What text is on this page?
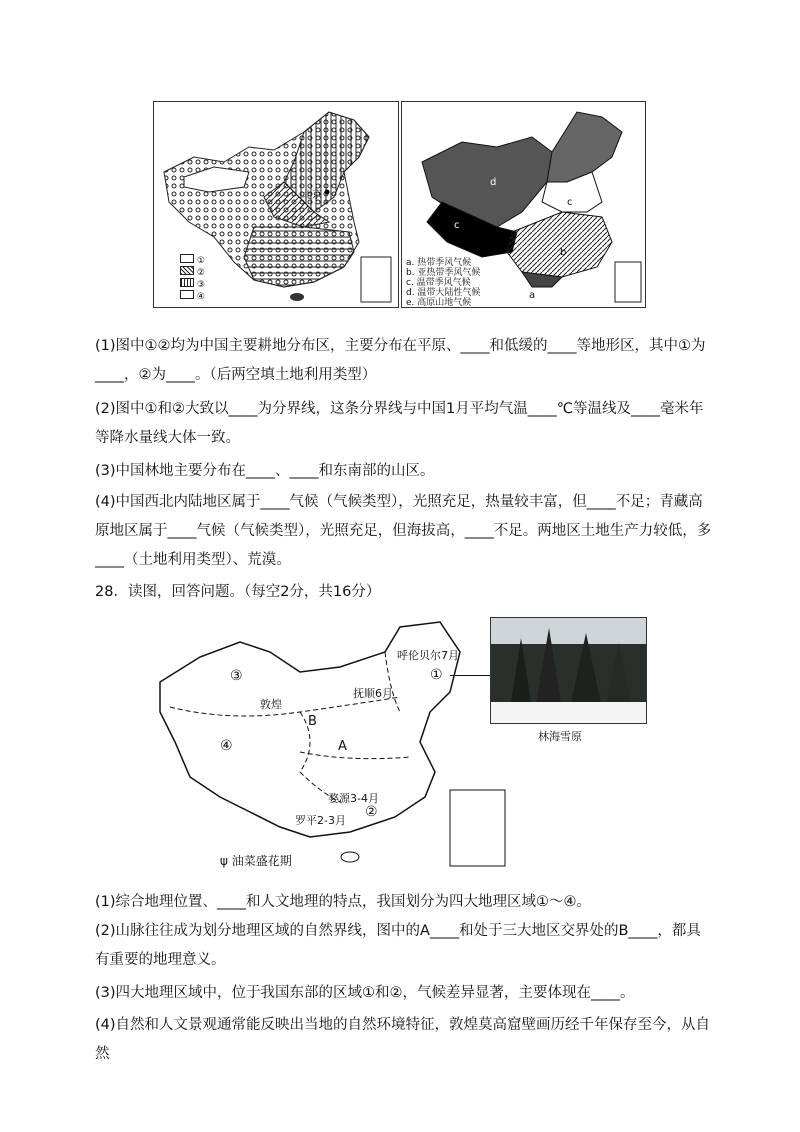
北京
①
②
③
④
d
c
c
b
a
a. 热带季风气候
b. 亚热带季风气候
c. 温带季风气候
d. 温带大陆性气候
e. 高原山地气候
(1)图中①②均为中国主要耕地分布区，主要分布在平原、____和低缓的____等地形区，其中①为____，②为____。（后两空填土地利用类型）
(2)图中①和②大致以____为分界线，这条分界线与中国1月平均气温____℃等温线及____毫米年等降水量线大体一致。
(3)中国林地主要分布在____、____和东南部的山区。
(4)中国西北内陆地区属于____气候（气候类型），光照充足，热量较丰富，但____不足；青藏高原地区属于____气候（气候类型），光照充足，但海拔高，____不足。两地区土地生产力较低，多____（土地利用类型）、荒漠。
28．读图，回答问题。（每空2分，共16分）
③
④
①
②
B
A
呼伦贝尔7月
抚顺6月
敦煌
婺源3-4月
罗平2-3月
ψ 油菜盛花期
林海雪原
(1)综合地理位置、____和人文地理的特点，我国划分为四大地理区域①～④。
(2)山脉往往成为划分地理区域的自然界线，图中的A____和处于三大地区交界处的B____，都具有重要的地理意义。
(3)四大地理区域中，位于我国东部的区域①和②，气候差异显著，主要体现在____。
(4)自然和人文景观通常能反映出当地的自然环境特征，敦煌莫高窟壁画历经千年保存至今，从自然
